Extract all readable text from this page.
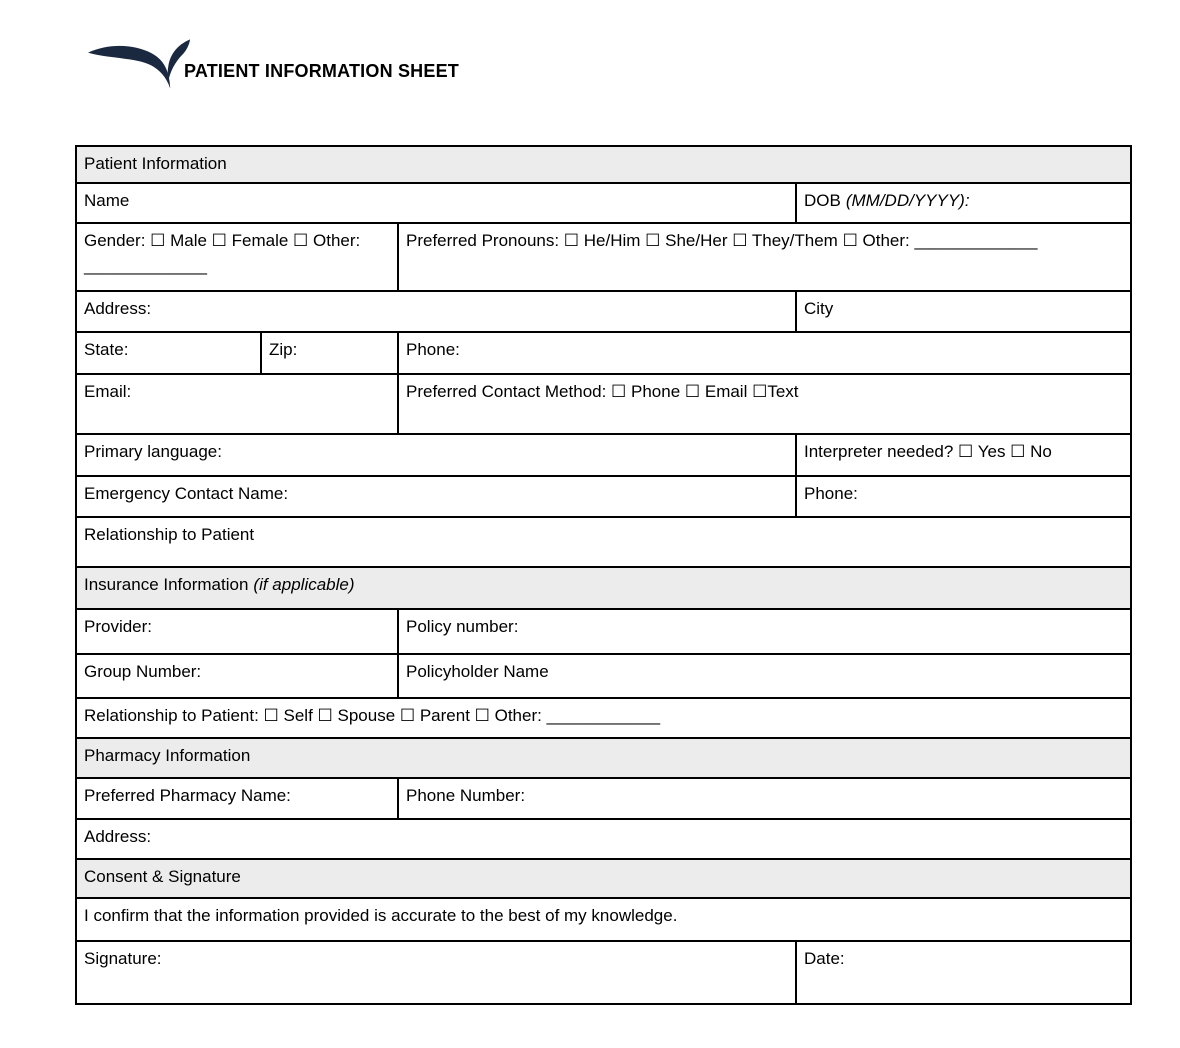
PATIENT INFORMATION SHEET
Patient Information			
Name			DOB (MM/DD/YYYY):
Gender: ☐ Male ☐ Female ☐ Other: _____________		Preferred Pronouns: ☐ He/Him ☐ She/Her ☐ They/Them ☐ Other: _____________	
Address:			City
State:	Zip:	Phone:	
Email:		Preferred Contact Method: ☐ Phone ☐ Email ☐Text	
Primary language:			Interpreter needed? ☐ Yes ☐ No
Emergency Contact Name:			Phone:
Relationship to Patient			
Insurance Information (if applicable)			
Provider:		Policy number:	
Group Number:		Policyholder Name	
Relationship to Patient: ☐ Self ☐ Spouse ☐ Parent ☐ Other: ____________			
Pharmacy Information			
Preferred Pharmacy Name:		Phone Number:	
Address:			
Consent & Signature			
I confirm that the information provided is accurate to the best of my knowledge.			
Signature:			Date:
